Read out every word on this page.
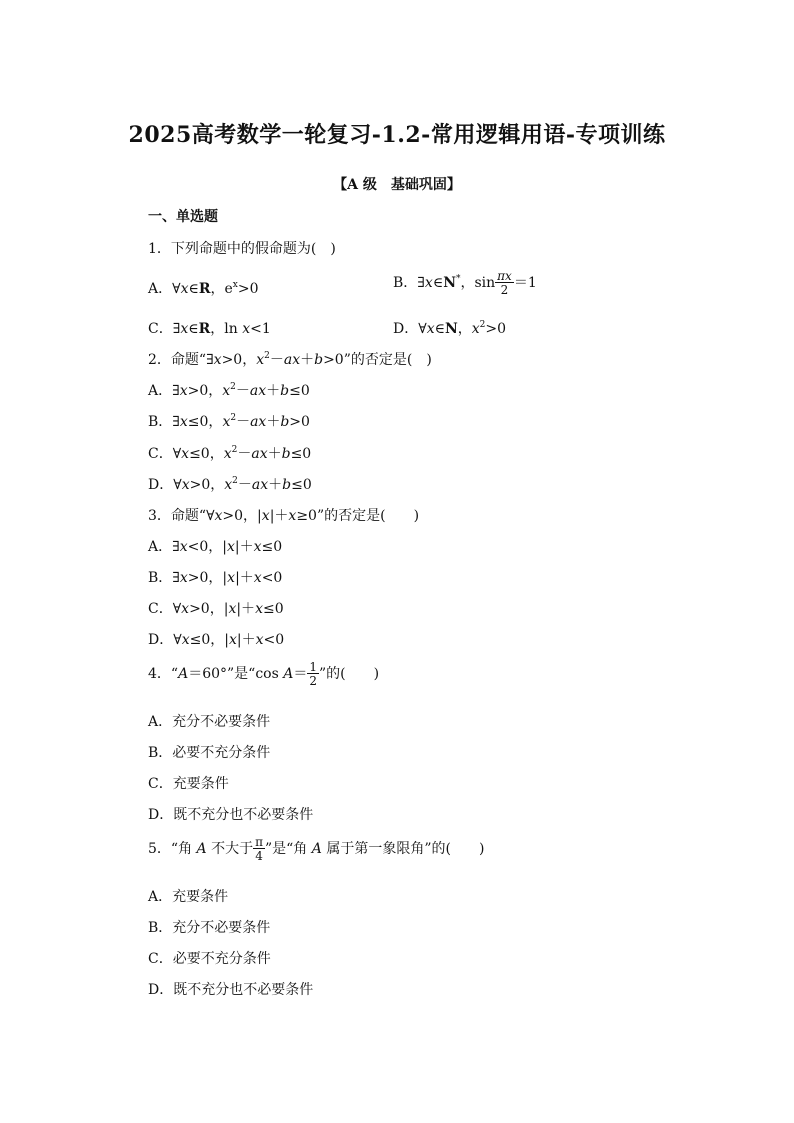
2025高考数学一轮复习-1.2-常用逻辑用语-专项训练
【A 级　基础巩固】
一、单选题
1．下列命题中的假命题为(　)
A．∀x∈R，$e^x>0$	B．∃x∈N*，$\sin \frac{\pi x}{2} =1$
C．∃x∈R，ln x<1	D．∀x∈N，$x^2>0$
2．命题“∃x>0，$x^2-ax+b>0$”的否定是(　)
A．∃x>0，$x^2-ax+b\le 0$
B．∃x≤0，$x^2-ax+b>0$
C．∀x≤0，$x^2-ax+b\le 0$
D．∀x>0，$x^2-ax+b\le 0$
3．命题“∀x>0，|x|＋x≥0”的否定是(　　)
A．∃x<0，|x|＋x≤0
B．∃x>0，|x|＋x<0
C．∀x>0，|x|＋x≤0
D．∀x≤0，|x|＋x<0
4．“A＝60°”是“cos $A= \frac{1}{2}$ ”的(　　)
A．充分不必要条件
B．必要不充分条件
C．充要条件
D．既不充分也不必要条件
5．“角 A 不大于 $\frac{\pi}{4}$ ”是“角 A 属于第一象限角”的(　　)
A．充要条件
B．充分不必要条件
C．必要不充分条件
D．既不充分也不必要条件
